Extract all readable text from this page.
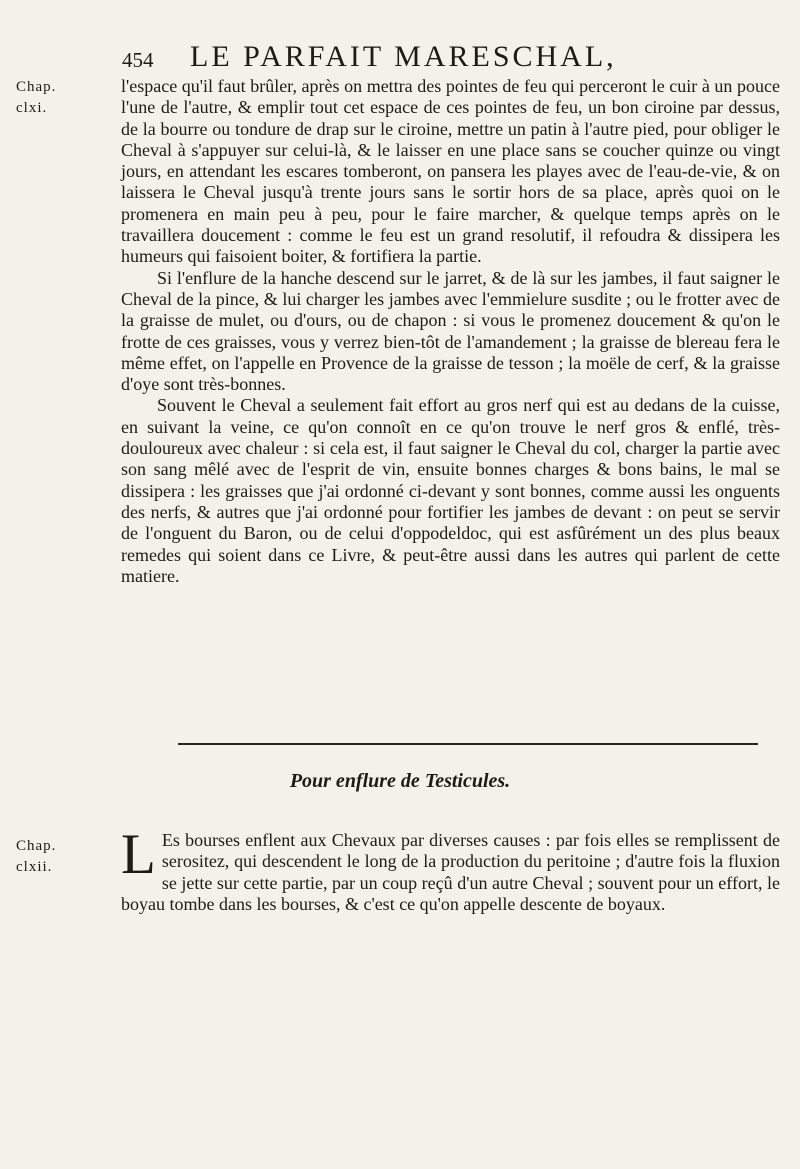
454 LE PARFAIT MARESCHAL,
Chap.
clxi.

l'espace qu'il faut brûler, après on mettra des pointes de feu qui perceront le cuir à un pouce l'une de l'autre, & emplir tout cet espace de ces pointes de feu, un bon ciroine par dessus, de la bourre ou tondure de drap sur le ciroine, mettre un patin à l'autre pied, pour obliger le Cheval à s'appuyer sur celui-là, & le laisser en une place sans se coucher quinze ou vingt jours, en attendant les escares tomberont, on pansera les playes avec de l'eau-de-vie, & on laissera le Cheval jusqu'à trente jours sans le sortir hors de sa place, après quoi on le promenera en main peu à peu, pour le faire marcher, & quelque temps après on le travaillera doucement : comme le feu est un grand resolutif, il refoudra & dissipera les humeurs qui faisoient boiter, & fortifiera la partie.

Si l'enflure de la hanche descend sur le jarret, & de là sur les jambes, il faut saigner le Cheval de la pince, & lui charger les jambes avec l'emmielure susdite ; ou le frotter avec de la graisse de mulet, ou d'ours, ou de chapon : si vous le promenez doucement & qu'on le frotte de ces graisses, vous y verrez bien-tôt de l'amandement ; la graisse de blereau fera le même effet, on l'appelle en Provence de la graisse de tesson ; la moële de cerf, & la graisse d'oye sont très-bonnes.

Souvent le Cheval a seulement fait effort au gros nerf qui est au dedans de la cuisse, en suivant la veine, ce qu'on connoît en ce qu'on trouve le nerf gros & enflé, très-douloureux avec chaleur : si cela est, il faut saigner le Cheval du col, charger la partie avec son sang mêlé avec de l'esprit de vin, ensuite bonnes charges & bons bains, le mal se dissipera : les graisses que j'ai ordonné ci-devant y sont bonnes, comme aussi les onguents des nerfs, & autres que j'ai ordonné pour fortifier les jambes de devant : on peut se servir de l'onguent du Baron, ou de celui d'oppodeldoc, qui est asfûrément un des plus beaux remedes qui soient dans ce Livre, & peut-être aussi dans les autres qui parlent de cette matiere.

Pour enflure de Testicules.
Chap.
clxii. L Es bourses enflent aux Chevaux par diverses causes : par fois elles se remplissent de serositez, qui descendent le long de la production du peritoine ; d'autre fois la fluxion se jette sur cette partie, par un coup reçû d'un autre Cheval ; souvent pour un effort, le boyau tombe dans les bourses, & c'est ce qu'on appelle descente de boyaux.
